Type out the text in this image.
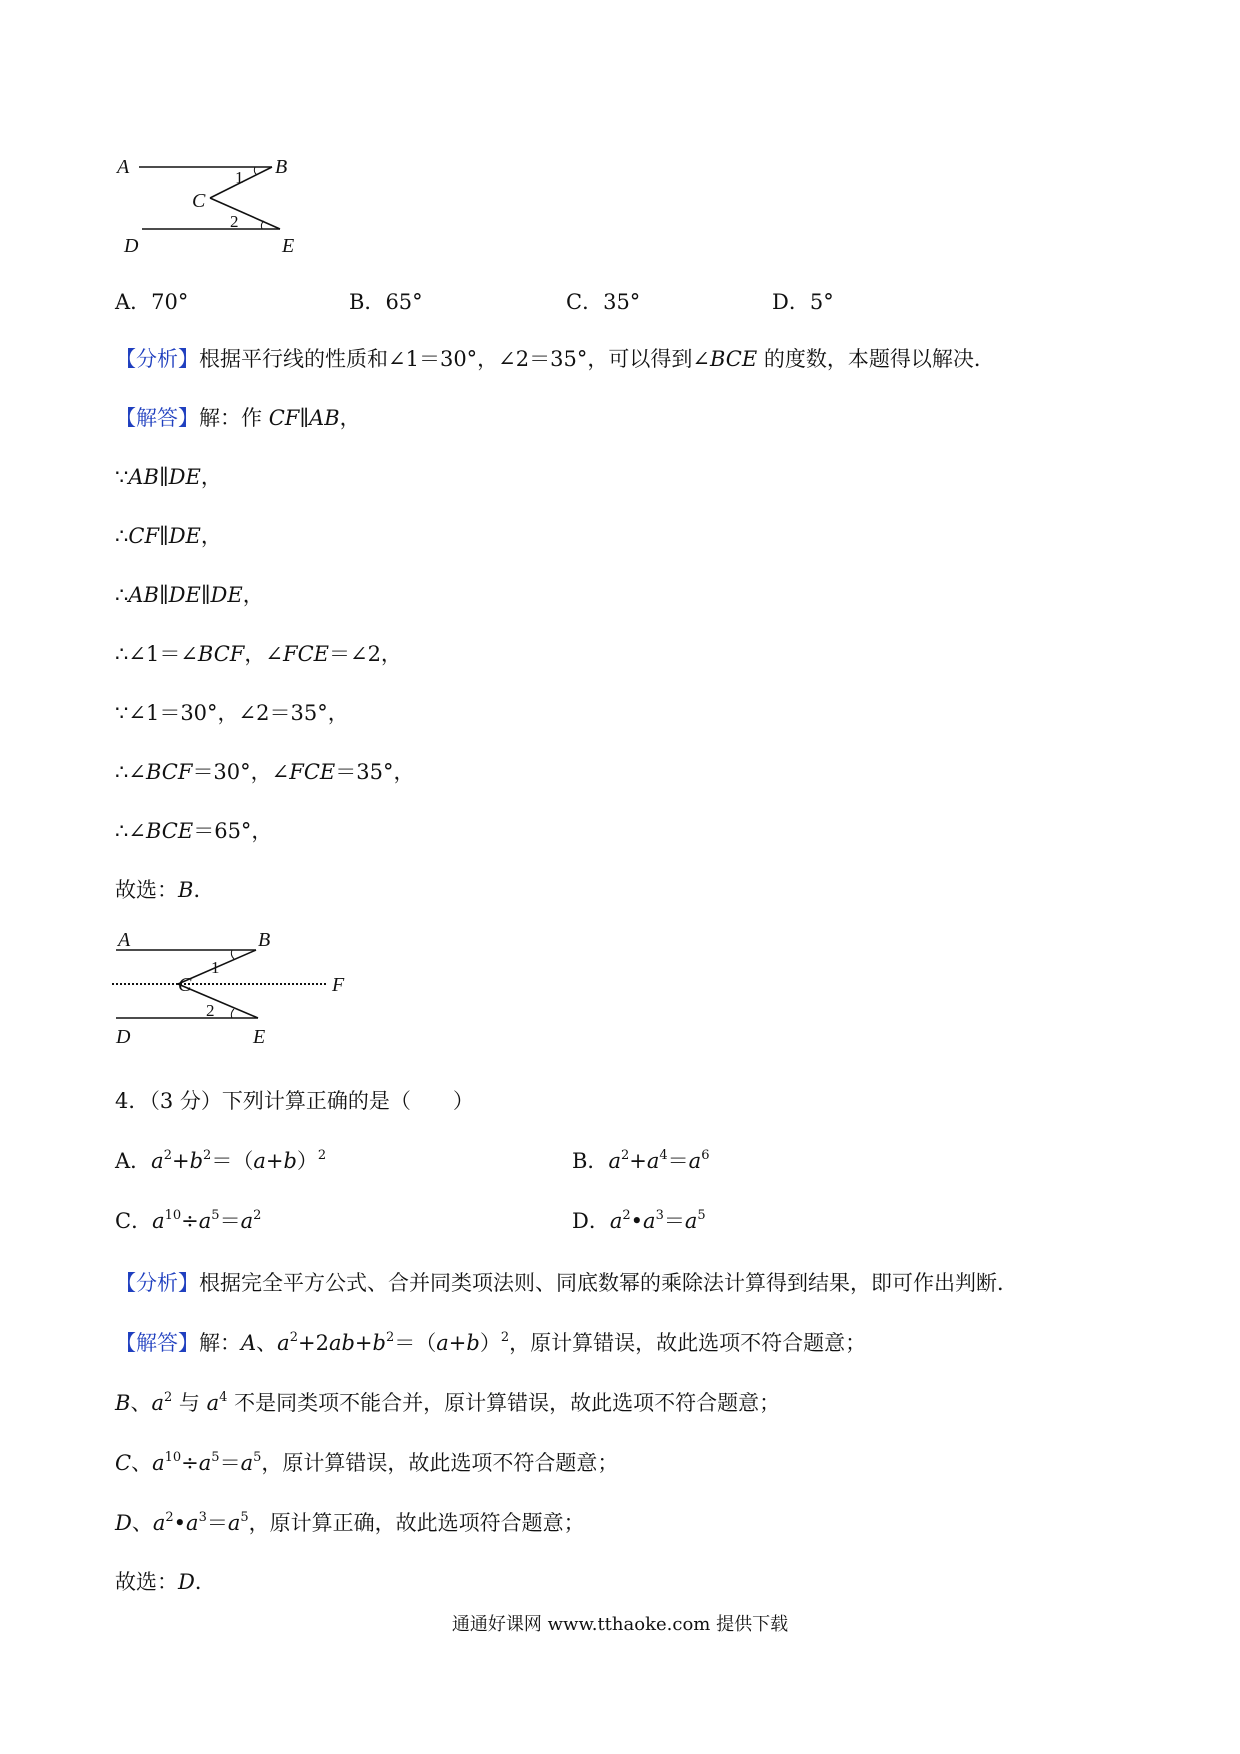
A	B
C
D	E
1
2
A．70°	B．65°	C．35°	D．5°
【分析】根据平行线的性质和∠1＝30°，∠2＝35°，可以得到∠BCE 的度数，本题得以解决．
【解答】解：作 CF∥AB，
∵AB∥DE，
∴CF∥DE，
∴AB∥DE∥DE，
∴∠1＝∠BCF，∠FCE＝∠2，
∵∠1＝30°，∠2＝35°，
∴∠BCF＝30°，∠FCE＝35°，
∴∠BCE＝65°，
故选：B．
A	B
C
D	E
F
1
2
4．（3 分）下列计算正确的是（　　）
A．$a^2+b^2=(a+b)^2$	B．$a^2+a^4=a^6$
C．$a^{10}\div a^5=a^2$	D．$a^2•a^3=a^5$
【分析】根据完全平方公式、合并同类项法则、同底数幂的乘除法计算得到结果，即可作出判断．
【解答】解：A、$a^2+2ab+b^2=(a+b)^2$，原计算错误，故此选项不符合题意；
B、$a^2$ 与 $a^4$ 不是同类项不能合并，原计算错误，故此选项不符合题意；
C、$a^{10}\div a^5=a^5$，原计算错误，故此选项不符合题意；
D、$a^2•a^3=a^5$，原计算正确，故此选项符合题意；
故选：D．
通通好课网 www.tthaoke.com 提供下载
